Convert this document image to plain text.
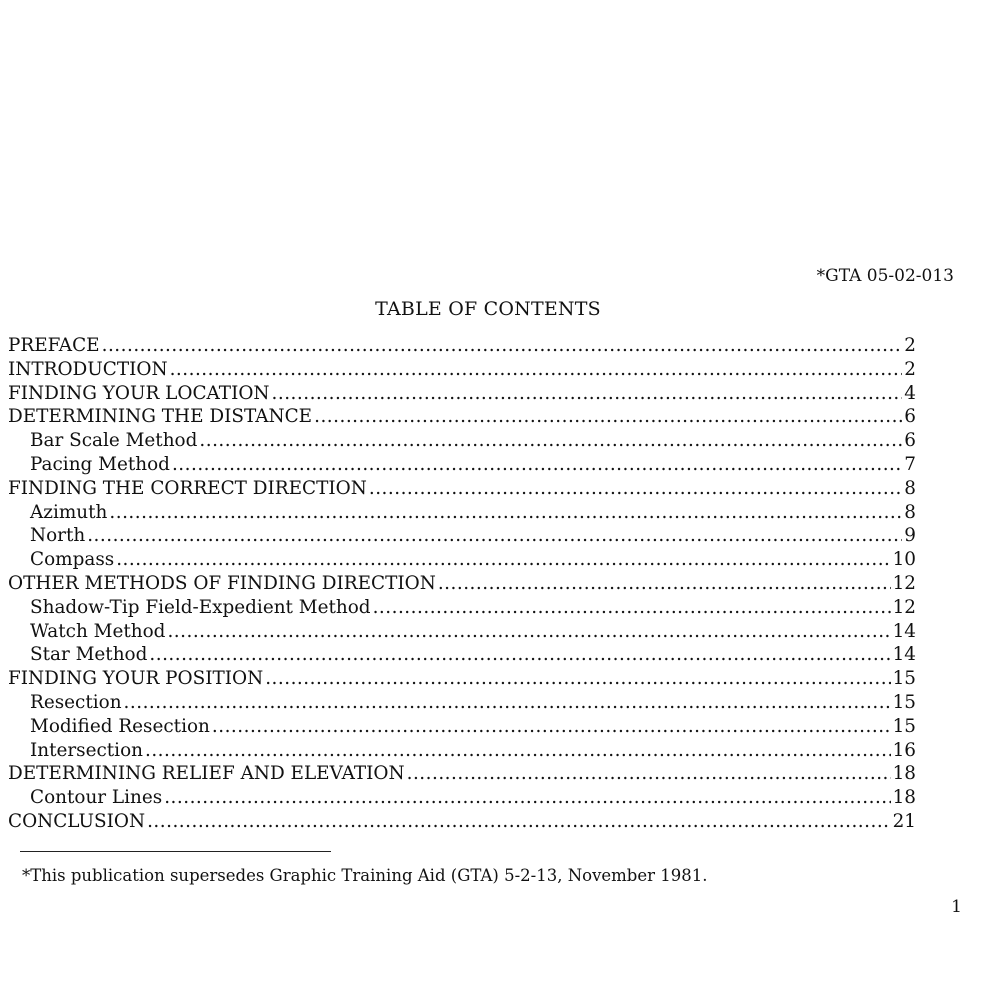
*GTA 05-02-013
TABLE OF CONTENTS
PREFACE .....	2
INTRODUCTION .....	2
FINDING YOUR LOCATION .....	4
DETERMINING THE DISTANCE .....	6
Bar Scale Method .....	6
Pacing Method .....	7
FINDING THE CORRECT DIRECTION .....	8
Azimuth .....	8
North .....	9
Compass .....	10
OTHER METHODS OF FINDING DIRECTION .....	12
Shadow-Tip Field-Expedient Method .....	12
Watch Method .....	14
Star Method .....	14
FINDING YOUR POSITION .....	15
Resection .....	15
Modified Resection .....	15
Intersection .....	16
DETERMINING RELIEF AND ELEVATION .....	18
Contour Lines .....	18
CONCLUSION .....	21
*This publication supersedes Graphic Training Aid (GTA) 5-2-13, November 1981.
1
